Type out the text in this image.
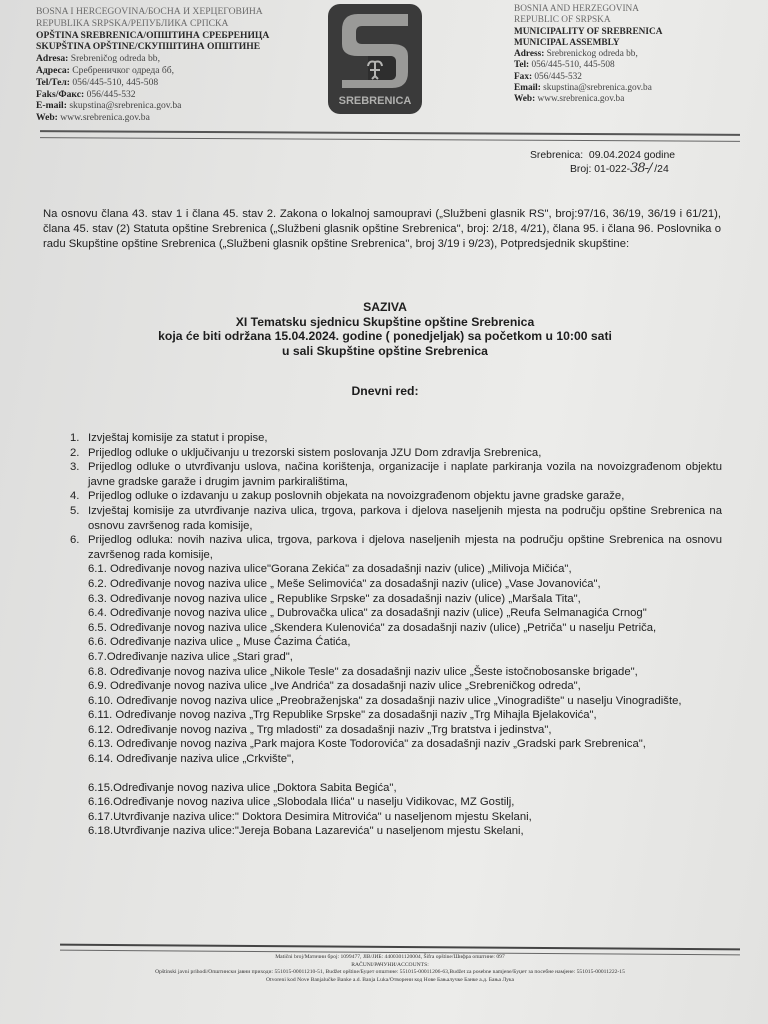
BOSNA I HERCEGOVINA/БОСНА И ХЕРЦЕГОВИНА
REPUBLIKA SRPSKA/РЕПУБЛИКА СРПСКА
OPŠTINA SREBRENICA/ОПШТИНА СРЕБРЕНИЦА
SKUPŠTINA OPŠTINE/СКУПШТИНА ОПШТИНЕ
Adresa: Srebreničog odreda bb,
Адреса: Сребреничког одреда бб,
Tel/Тел: 056/445-510, 445-508
Faks/Факс: 056/445-532
E-mail: skupstina@srebrenica.gov.ba
Web: www.srebrenica.gov.ba
SREBRENICA
BOSNIA AND HERZEGOVINA
REPUBLIC OF SRPSKA
MUNICIPALITY OF SREBRENICA
MUNICIPAL ASSEMBLY
Adress: Srebrenickog odreda bb,
Tel: 056/445-510, 445-508
Fax: 056/445-532
Email: skupstina@srebrenica.gov.ba
Web: www.srebrenica.gov.ba
Srebrenica: 09.04.2024 godine
Broj: 01-022-38-/ /24
Na osnovu člana 43. stav 1 i člana 45. stav 2. Zakona o lokalnoj samoupravi („Službeni glasnik RS", broj:97/16, 36/19, 36/19 i 61/21), člana 45. stav (2) Statuta opštine Srebrenica („Službeni glasnik opštine Srebrenica", broj: 2/18, 4/21), člana 95. i člana 96. Poslovnika o radu Skupštine opštine Srebrenica („Službeni glasnik opštine Srebrenica", broj 3/19 i 9/23), Potpredsjednik skupštine:
SAZIVA
XI Tematsku sjednicu Skupštine opštine Srebrenica
koja će biti održana 15.04.2024. godine ( ponedjeljak) sa početkom u 10:00 sati
u sali Skupštine opštine Srebrenica
Dnevni red:
1. Izvještaj komisije za statut i propise,
2. Prijedlog odluke o uključivanju u trezorski sistem poslovanja JZU Dom zdravlja Srebrenica,
3. Prijedlog odluke o utvrđivanju uslova, načina korištenja, organizacije i naplate parkiranja vozila na novoizgrađenom objektu javne gradske garaže i drugim javnim parkiralištima,
4. Prijedlog odluke o izdavanju u zakup poslovnih objekata na novoizgrađenom objektu javne gradske garaže,
5. Izvještaj komisije za utvrđivanje naziva ulica, trgova, parkova i djelova naseljenih mjesta na području opštine Srebrenica na osnovu završenog rada komisije,
6. Prijedlog odluka: novih naziva ulica, trgova, parkova i djelova naseljenih mjesta na području opštine Srebrenica na osnovu završenog rada komisije,
6.1. Određivanje novog naziva ulice"Gorana Zekića" za dosadašnji naziv (ulice) „Milivoja Mičića",
6.2. Određivanje novog naziva ulice „ Meše Selimovića" za dosadašnji naziv (ulice) „Vase Jovanovića",
6.3. Određivanje novog naziva ulice „ Republike Srpske" za dosadašnji naziv (ulice) „Maršala Tita",
6.4. Određivanje novog naziva ulice „ Dubrovačka ulica" za dosadašnji naziv (ulice) „Reufa Selmanagića Crnog"
6.5. Određivanje novog naziva ulice „Skendera Kulenovića" za dosadašnji naziv (ulice) „Petriča" u naselju Petriča,
6.6. Određivanje naziva ulice „ Muse Ćazima Ćatića,
6.7.Određivanje naziva ulice „Stari grad",
6.8. Određivanje novog naziva ulice „Nikole Tesle" za dosadašnji naziv ulice „Šeste istočnobosanske brigade",
6.9. Određivanje novog naziva ulice „Ive Andrića" za dosadašnji naziv ulice „Srebreničkog odreda",
6.10. Određivanje novog naziva ulice „Preobraženjska" za dosadašnji naziv ulice „Vinogradište" u naselju Vinogradište,
6.11. Određivanje novog naziva „Trg Republike Srpske" za dosadašnji naziv „Trg Mihajla Bjelakovića",
6.12. Određivanje novog naziva „ Trg mladosti" za dosadašnji naziv „Trg bratstva i jedinstva",
6.13. Određivanje novog naziva „Park majora Koste Todorovića" za dosadašnji naziv „Gradski park Srebrenica",
6.14. Određivanje naziva ulice „Crkvište",
6.15.Određivanje novog naziva ulice „Doktora Sabita Begića",
6.16.Određivanje novog naziva ulice „Slobodala Ilića" u naselju Vidikovac, MZ Gostilj,
6.17.Utvrđivanje naziva ulice:" Doktora Desimira Mitrovića" u naseljenom mjestu Skelani,
6.18.Utvrđivanje naziva ulice:"Jereja Bobana Lazarevića" u naseljenom mjestu Skelani,
Matični broj/Матични број: 1099477, JIB/ЈИБ: 4400301120004, Šifra opštine/Шифра општине: 097
RAČUNI/РАЧУНИ/ACCOUNTS:
Opštinski javni prihodi/Општински јавни приходи: 551015-00011210-51, Budžet opštine/Буџет општине: 551015-00011206-63,Budžet za posebne namjene/Буџет за посебне намјене: 551015-00011222-15
Otvoreni kod Nove Banjalučke Banke a.d. Banja Luka/Отворени код Нове Бањалучке Банке а.д. Бања Лука
